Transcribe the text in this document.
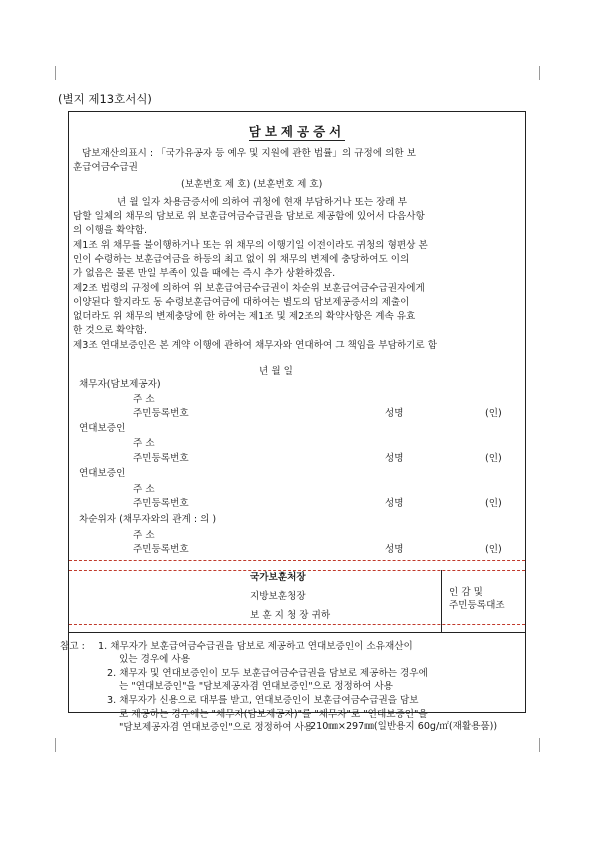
(별지 제13호서식)
담보제공증서
담보재산의표시 : 「국가유공자 등 예우 및 지원에 관한 법률」의 규정에 의한 보
훈급여금수급권
(보훈번호 제 호) (보훈번호 제 호)
년 월 일자 차용금증서에 의하여 귀청에 현재 부담하거나 또는 장래 부
담할 일체의 채무의 담보로 위 보훈급여금수급권을 담보로 제공함에 있어서 다음사항
의 이행을 확약함.
제1조 위 채무를 불이행하거나 또는 위 채무의 이행기일 이전이라도 귀청의 형편상 본
인이 수령하는 보훈급여금을 하등의 최고 없이 위 채무의 변제에 충당하여도 이의
가 없음은 물론 만일 부족이 있을 때에는 즉시 추가 상환하겠음.
제2조 법령의 규정에 의하여 위 보훈급여금수급권이 차순위 보훈급여금수급권자에게
이양된다 할지라도 동 수령보훈급여금에 대하여는 별도의 담보제공증서의 제출이
없더라도 위 채무의 변제충당에 한 하여는 제1조 및 제2조의 확약사항은 계속 유효
한 것으로 확약함.
제3조 연대보증인은 본 계약 이행에 관하여 채무자와 연대하여 그 책임을 부담하기로 함
년 월 일
채무자(담보제공자)
주 소
주민등록번호	성명	(인)
연대보증인
주 소
주민등록번호	성명	(인)
연대보증인
주 소
주민등록번호	성명	(인)
차순위자 (채무자와의 관계 : 의 )
주 소
주민등록번호	성명	(인)
국가보훈처장
지방보훈청장
보 훈 지 청 장 귀하
인 감 및
주민등록대조
참고 : 1. 채무자가 보훈급여금수급권을 담보로 제공하고 연대보증인이 소유재산이
있는 경우에 사용
2. 채무자 및 연대보증인이 모두 보훈급여금수급권을 담보로 제공하는 경우에
는 "연대보증인"을 "담보제공자겸 연대보증인"으로 정정하여 사용
3. 채무자가 신용으로 대부를 받고, 연대보증인이 보훈급여금수급권을 담보
로 제공하는 경우에는 "채무자(담보제공자)"를 "채무자"로 "연대보증인"을
"담보제공자겸 연대보증인"으로 정정하여 사용
210㎜×297㎜(일반용지 60g/㎡(재활용품))
